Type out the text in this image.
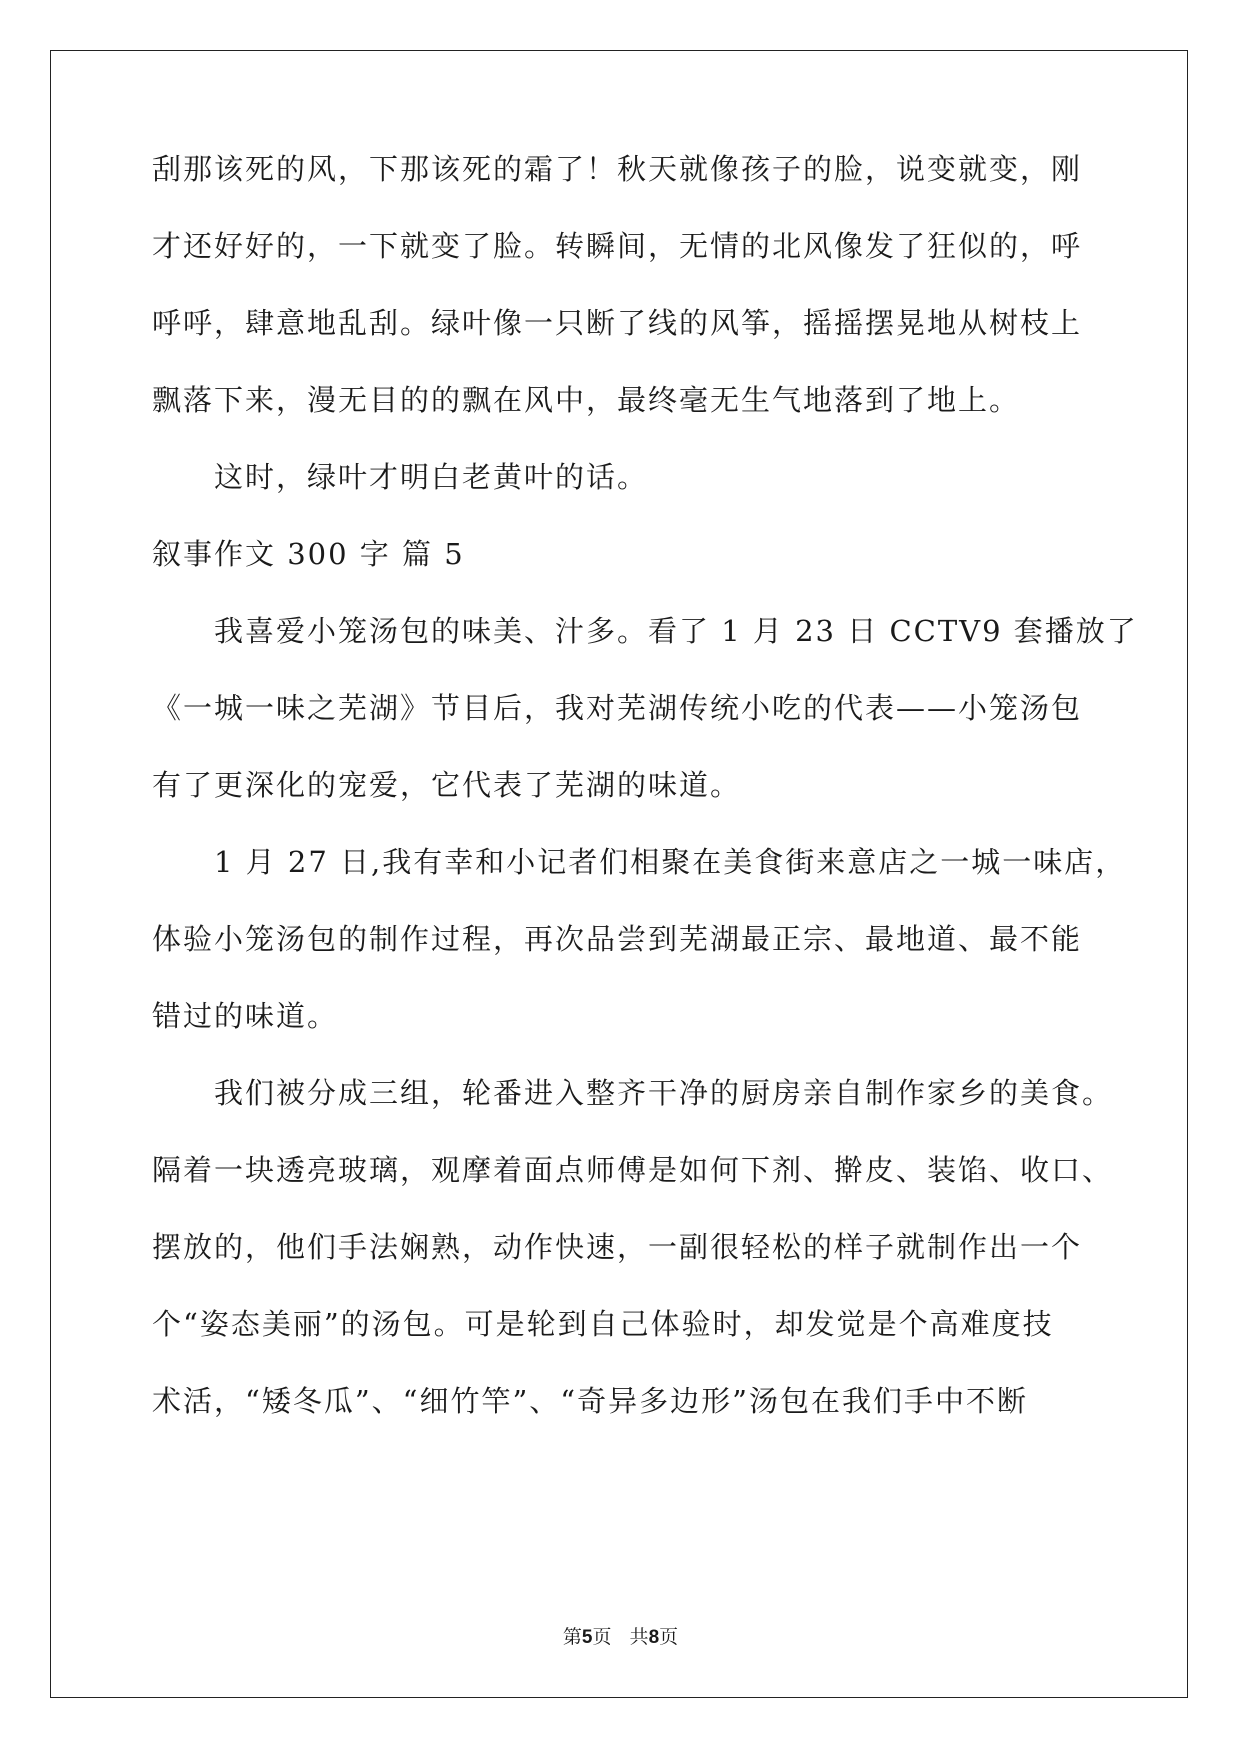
刮那该死的风，下那该死的霜了！秋天就像孩子的脸，说变就变，刚
才还好好的，一下就变了脸。转瞬间，无情的北风像发了狂似的，呼
呼呼，肆意地乱刮。绿叶像一只断了线的风筝，摇摇摆晃地从树枝上
飘落下来，漫无目的的飘在风中，最终毫无生气地落到了地上。
　　这时，绿叶才明白老黄叶的话。
叙事作文 300 字 篇 5
　　我喜爱小笼汤包的味美、汁多。看了 1 月 23 日 CCTV9 套播放了
《一城一味之芜湖》节目后，我对芜湖传统小吃的代表——小笼汤包
有了更深化的宠爱，它代表了芜湖的味道。
　　1 月 27 日,我有幸和小记者们相聚在美食街来意店之一城一味店，
体验小笼汤包的制作过程，再次品尝到芜湖最正宗、最地道、最不能
错过的味道。
　　我们被分成三组，轮番进入整齐干净的厨房亲自制作家乡的美食。
隔着一块透亮玻璃，观摩着面点师傅是如何下剂、擀皮、装馅、收口、
摆放的，他们手法娴熟，动作快速，一副很轻松的样子就制作出一个
个“姿态美丽”的汤包。可是轮到自己体验时，却发觉是个高难度技
术活，“矮冬瓜”、“细竹竿”、“奇异多边形”汤包在我们手中不断
第5页   共8页
